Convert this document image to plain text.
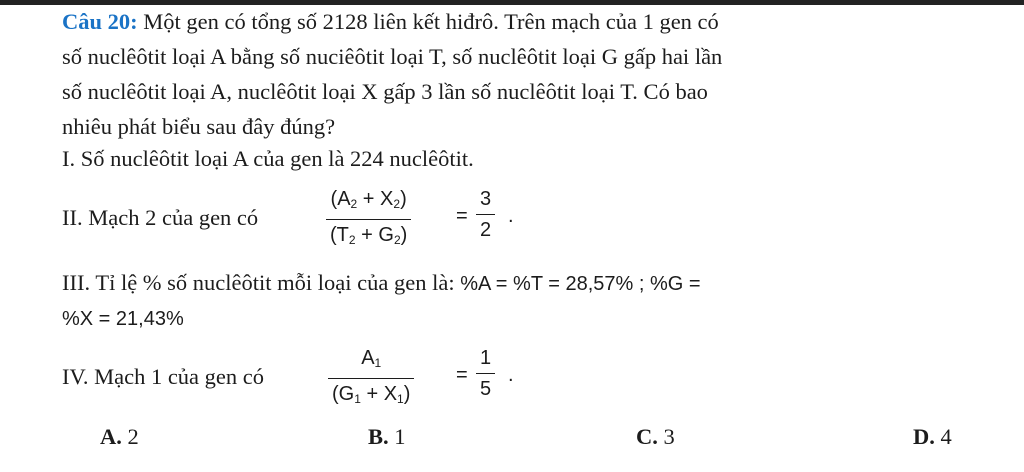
Câu 20: Một gen có tổng số 2128 liên kết hiđrô. Trên mạch của 1 gen có
số nuclêôtit loại A bằng số nuciêôtit loại T, số nuclêôtit loại G gấp hai lần
số nuclêôtit loại A, nuclêôtit loại X gấp 3 lần số nuclêôtit loại T. Có bao
nhiêu phát biểu sau đây đúng?
I. Số nuclêôtit loại A của gen là 224 nuclêôtit.
II. Mạch 2 của gen có
$(A_2 + X_2)$
$(T_2 + G_2)$
=
3
2
.
III. Tỉ lệ % số nuclêôtit mỗi loại của gen là: %A = %T = 28,57% ; %G =
%X = 21,43%
IV. Mạch 1 của gen có
$A_1$
$(G_1 + X_1)$
=
1
5
.
A. 2	B. 1	C. 3	D. 4
